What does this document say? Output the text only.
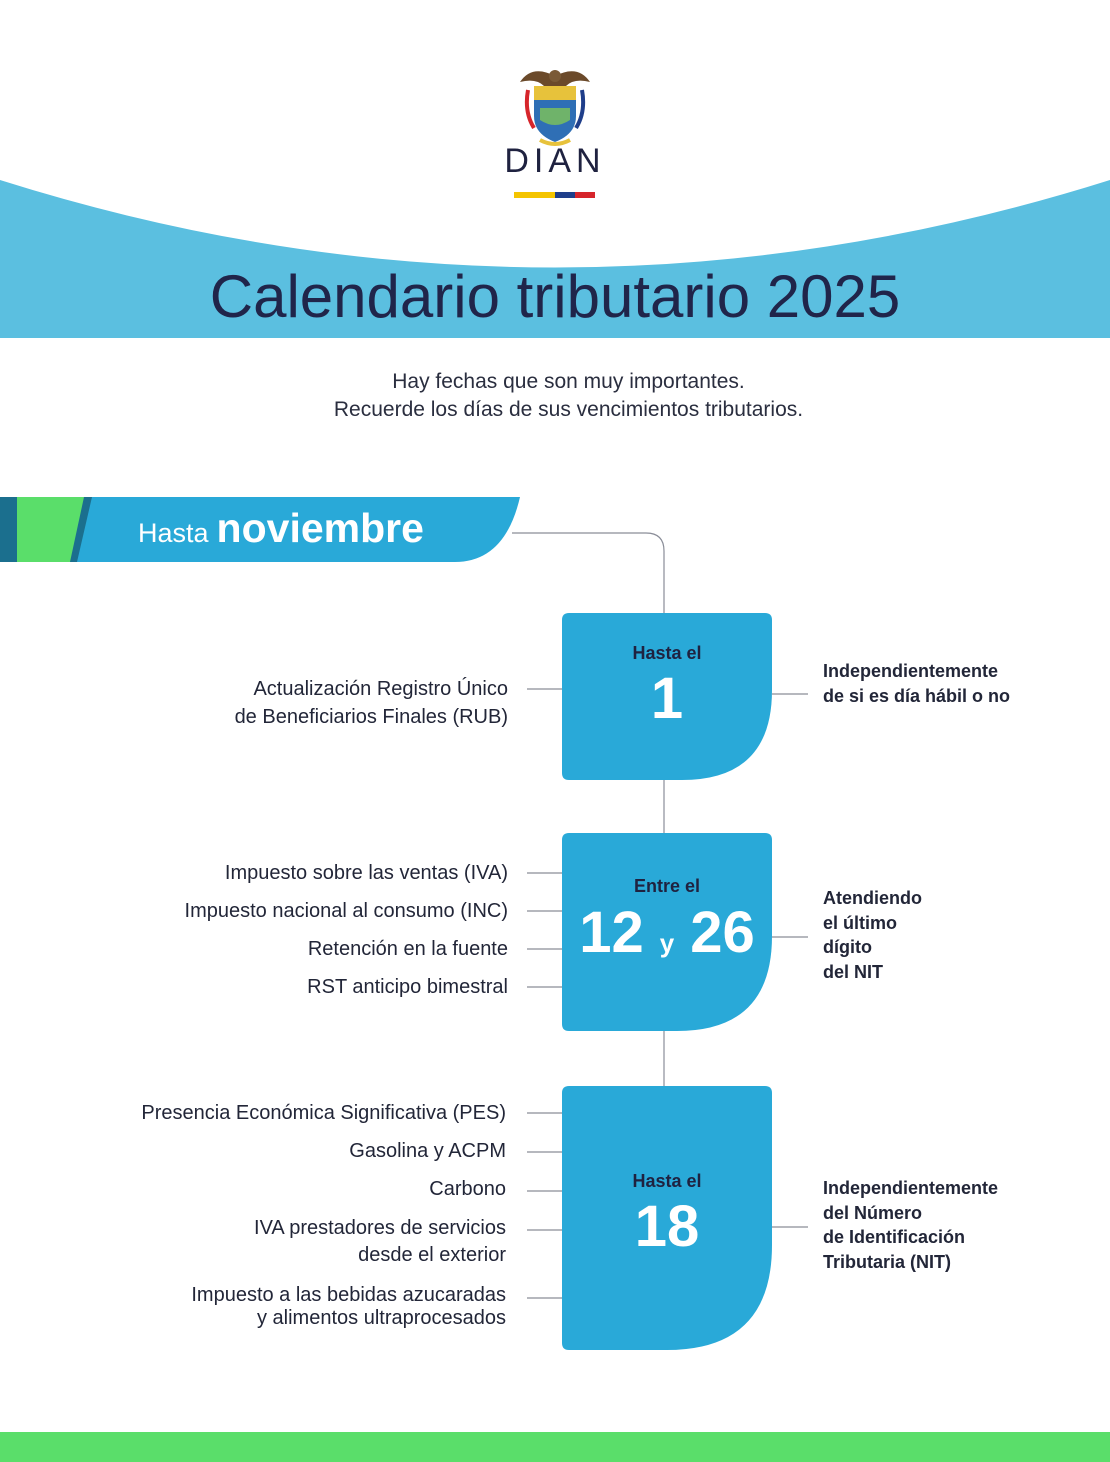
DIAN
Calendario tributario 2025
Hay fechas que son muy importantes.
Recuerde los días de sus vencimientos tributarios.
Hasta noviembre
Hasta el
1
Entre el
12 y 26
Hasta el
18
Actualización Registro Único
de Beneficiarios Finales (RUB)
Independientemente
de si es día hábil o no
Impuesto sobre las ventas (IVA)
Impuesto nacional al consumo (INC)
Retención en la fuente
RST anticipo bimestral
Atendiendo
el último
dígito
del NIT
Presencia Económica Significativa (PES)
Gasolina y ACPM
Carbono
IVA prestadores de servicios
desde el exterior
Impuesto a las bebidas azucaradas
y alimentos ultraprocesados
Independientemente
del Número
de Identificación
Tributaria (NIT)
